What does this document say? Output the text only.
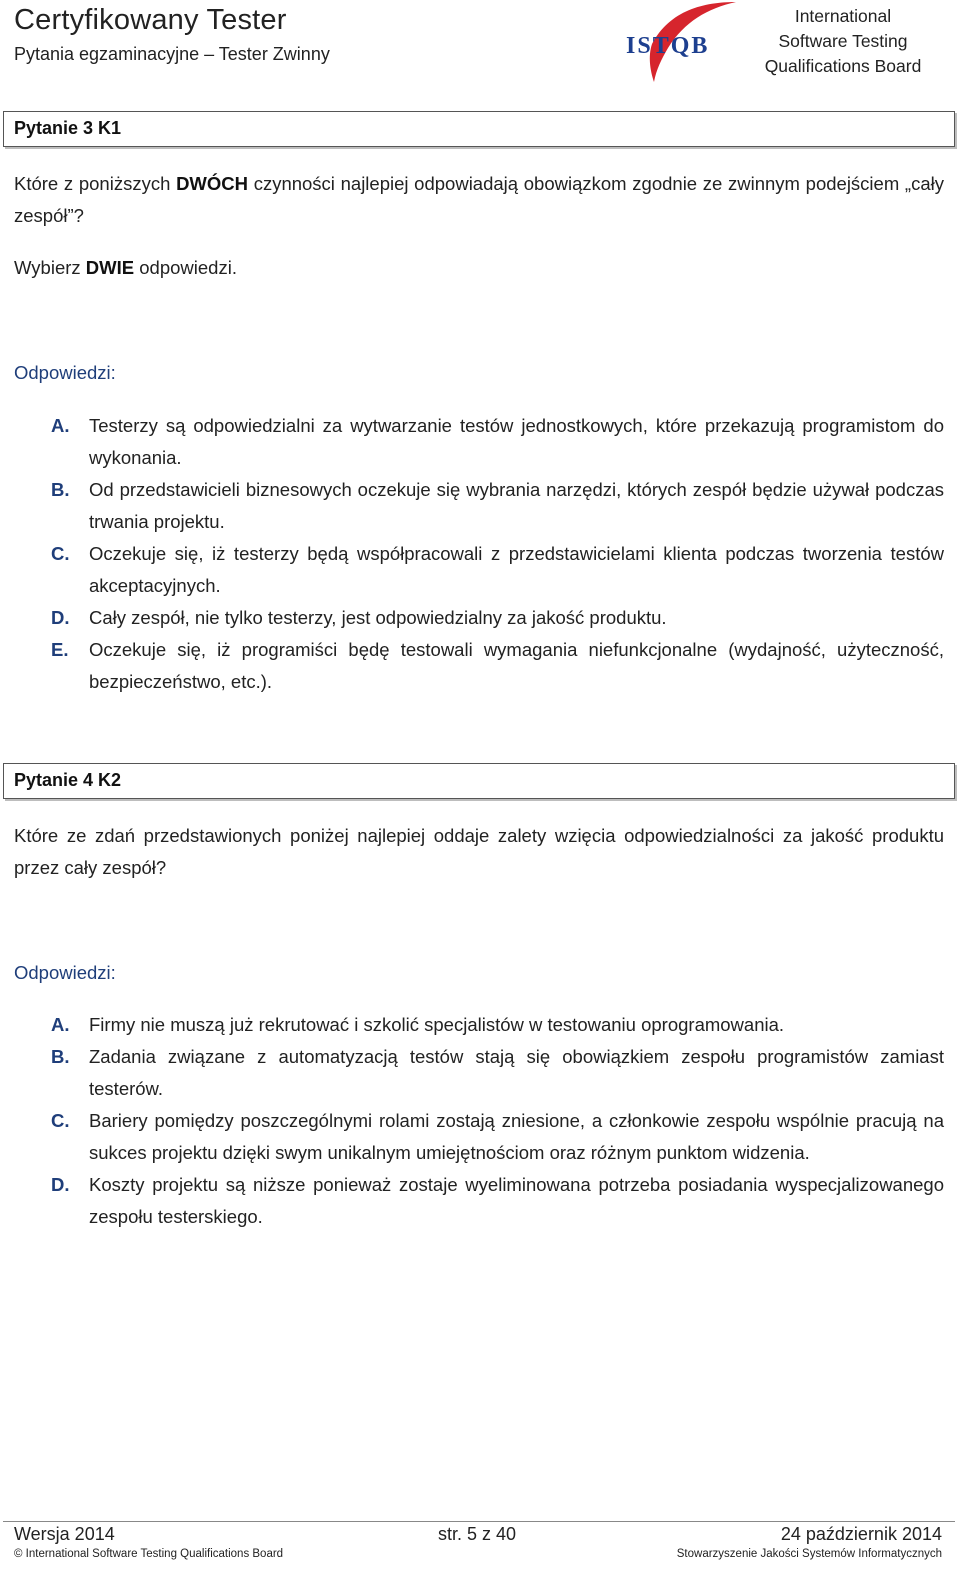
Certyfikowany Tester
Pytania egzaminacyjne – Tester Zwinny	ISTQB
International
Software Testing
Qualifications Board
Pytanie 3 K1
Które z poniższych DWÓCH czynności najlepiej odpowiadają obowiązkom zgodnie ze zwinnym podejściem „cały zespół”?
Wybierz DWIE odpowiedzi.
Odpowiedzi:
A. Testerzy są odpowiedzialni za wytwarzanie testów jednostkowych, które przekazują programistom do wykonania.
B. Od przedstawicieli biznesowych oczekuje się wybrania narzędzi, których zespół będzie używał podczas trwania projektu.
C. Oczekuje się, iż testerzy będą współpracowali z przedstawicielami klienta podczas tworzenia testów akceptacyjnych.
D. Cały zespół, nie tylko testerzy, jest odpowiedzialny za jakość produktu.
E. Oczekuje się, iż programiści będę testowali wymagania niefunkcjonalne (wydajność, użyteczność, bezpieczeństwo, etc.).
Pytanie 4 K2
Które ze zdań przedstawionych poniżej najlepiej oddaje zalety wzięcia odpowiedzialności za jakość produktu przez cały zespół?
Odpowiedzi:
A. Firmy nie muszą już rekrutować i szkolić specjalistów w testowaniu oprogramowania.
B. Zadania związane z automatyzacją testów stają się obowiązkiem zespołu programistów zamiast testerów.
C. Bariery pomiędzy poszczególnymi rolami zostają zniesione, a członkowie zespołu wspólnie pracują na sukces projektu dzięki swym unikalnym umiejętnościom oraz różnym punktom widzenia.
D. Koszty projektu są niższe ponieważ zostaje wyeliminowana potrzeba posiadania wyspecjalizowanego zespołu testerskiego.
Wersja 2014	str. 5 z 40	24 październik 2014
© International Software Testing Qualifications Board	Stowarzyszenie Jakości Systemów Informatycznych
